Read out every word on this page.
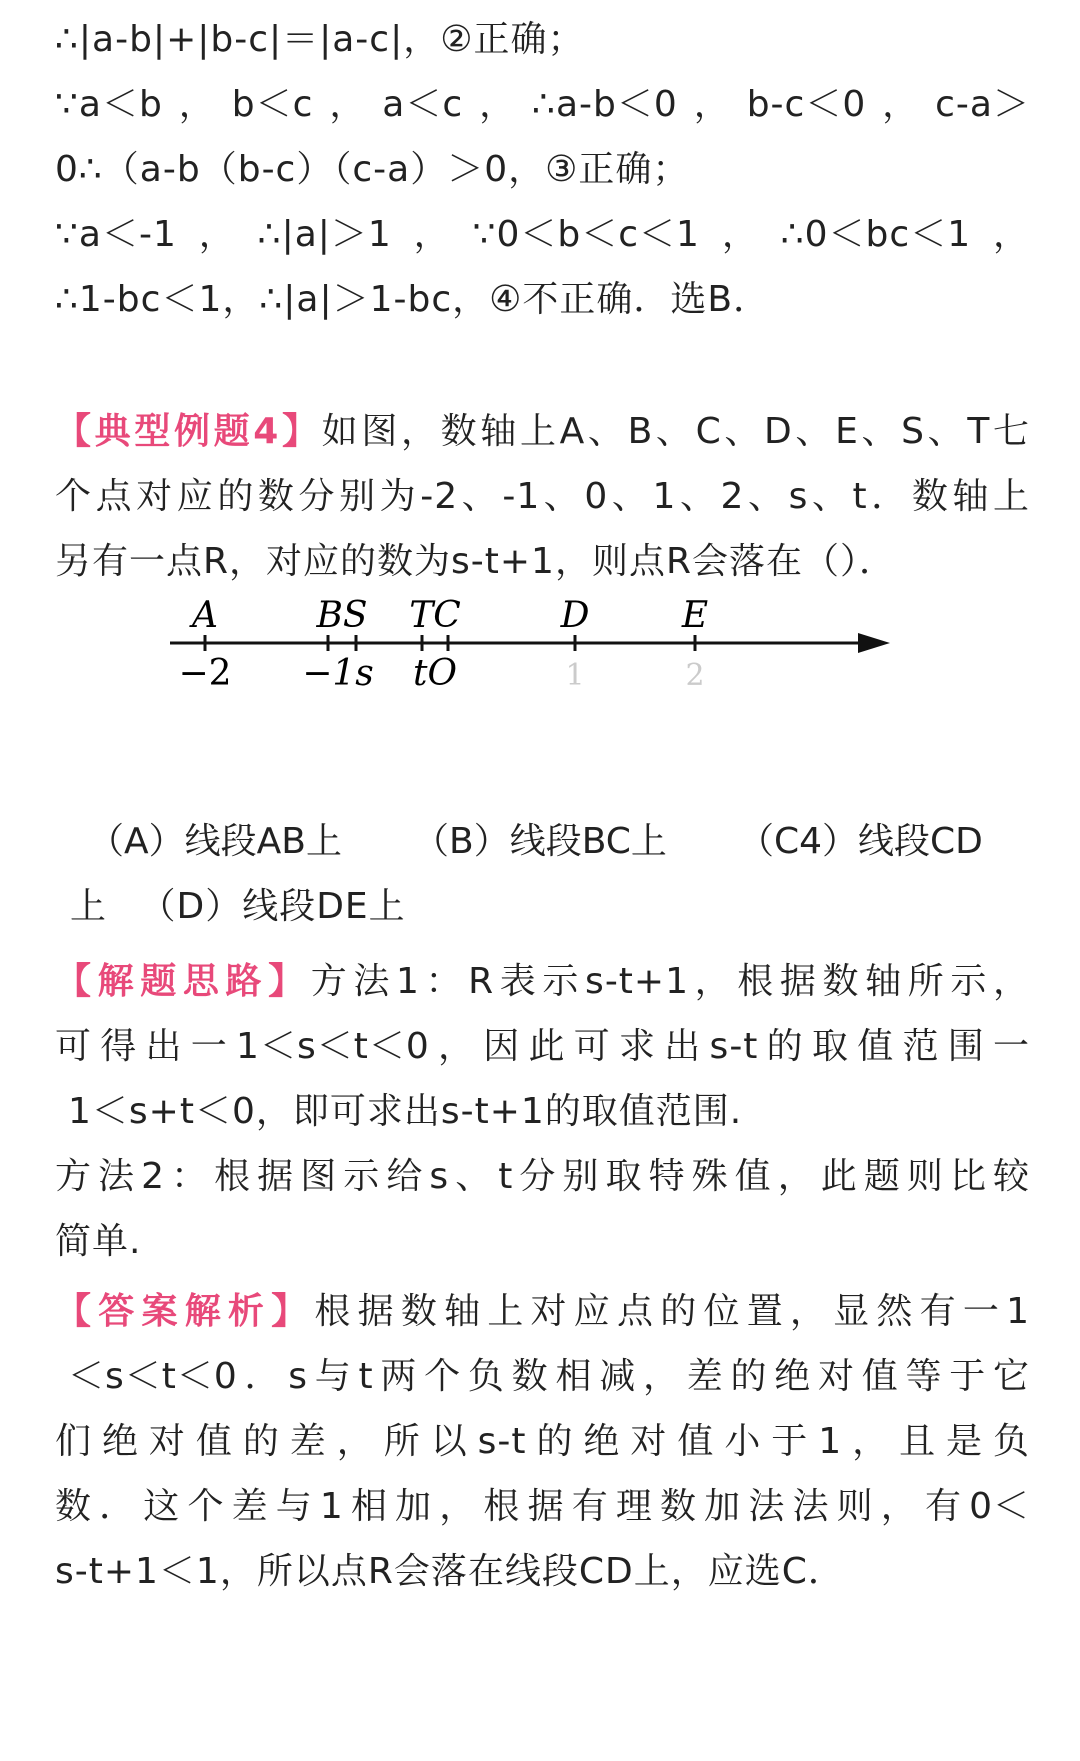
∴|a-b|+|b-c|＝|a-c|，②正确；
∵a＜b，b＜c，a＜c，∴a-b＜0，b-c＜0，c-a＞
0∴（a-b（b-c）（c-a）＞0，③正确；
∵a＜-1，∴|a|＞1，∵0＜b＜c＜1，∴0＜bc＜1，
∴1-bc＜1，∴|a|＞1-bc，④不正确．选B．
【典型例题4】如图，数轴上A、B、C、D、E、S、T七
个点对应的数分别为-2、-1、0、1、2、s、t．数轴上
另有一点R，对应的数为s-t+1，则点R会落在（）．
A	BS TC	D	E
−2 −1s tO	1	2
（A）线段AB上 （B）线段BC上 （C4）线段CD
上 （D）线段DE上
【解题思路】方法1：R表示s-t+1，根据数轴所示，
可得出一1＜s＜t＜0，因此可求出s-t的取值范围一
1＜s+t＜0，即可求出s-t+1的取值范围.
方法2：根据图示给s、t分别取特殊值，此题则比较
简单.
【答案解析】根据数轴上对应点的位置，显然有一1
＜s＜t＜0．s与t两个负数相减，差的绝对值等于它
们绝对值的差，所以s-t的绝对值小于1，且是负
数．这个差与1相加，根据有理数加法法则，有0＜
s-t+1＜1，所以点R会落在线段CD上，应选C．
